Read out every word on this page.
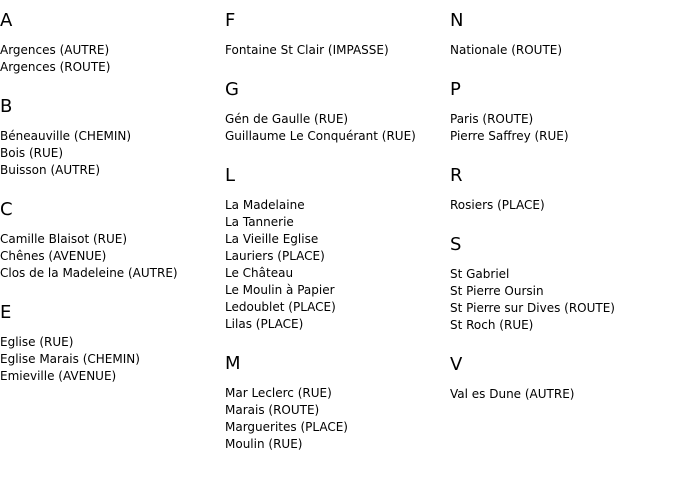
A
Argences (AUTRE)
Argences (ROUTE)
B
Béneauville (CHEMIN)
Bois (RUE)
Buisson (AUTRE)
C
Camille Blaisot (RUE)
Chênes (AVENUE)
Clos de la Madeleine (AUTRE)
E
Eglise (RUE)
Eglise Marais (CHEMIN)
Emieville (AVENUE)
F
Fontaine St Clair (IMPASSE)
G
Gén de Gaulle (RUE)
Guillaume Le Conquérant (RUE)
L
La Madelaine
La Tannerie
La Vieille Eglise
Lauriers (PLACE)
Le Château
Le Moulin à Papier
Ledoublet (PLACE)
Lilas (PLACE)
M
Mar Leclerc (RUE)
Marais (ROUTE)
Marguerites (PLACE)
Moulin (RUE)
N
Nationale (ROUTE)
P
Paris (ROUTE)
Pierre Saffrey (RUE)
R
Rosiers (PLACE)
S
St Gabriel
St Pierre Oursin
St Pierre sur Dives (ROUTE)
St Roch (RUE)
V
Val es Dune (AUTRE)
